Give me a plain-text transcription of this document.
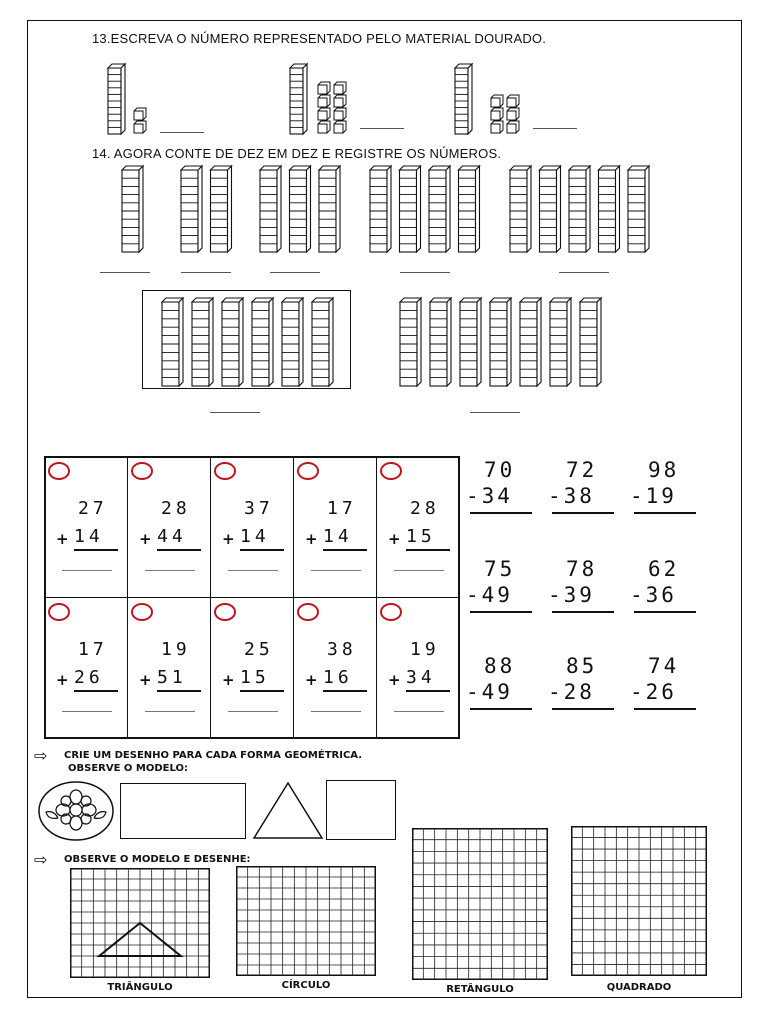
13.ESCREVA O NÚMERO REPRESENTADO PELO MATERIAL DOURADO.
14. AGORA CONTE DE DEZ EM DEZ E REGISTRE OS NÚMEROS.
27
+ 14
28
+ 44
37
+ 14
17
+ 14
28
+ 15
17
+ 26
19
+ 51
25
+ 15
38
+ 16
19
+ 34
70
-34
72
-38
98
-19
75
-49
78
-39
62
-36
88
-49
85
-28
74
-26
⇨ CRIE UM DESENHO PARA CADA FORMA GEOMÉTRICA.
OBSERVE O MODELO:
⇨ OBSERVE O MODELO E DESENHE:
TRIÂNGULO	CÍRCULO	RETÂNGULO	QUADRADO
